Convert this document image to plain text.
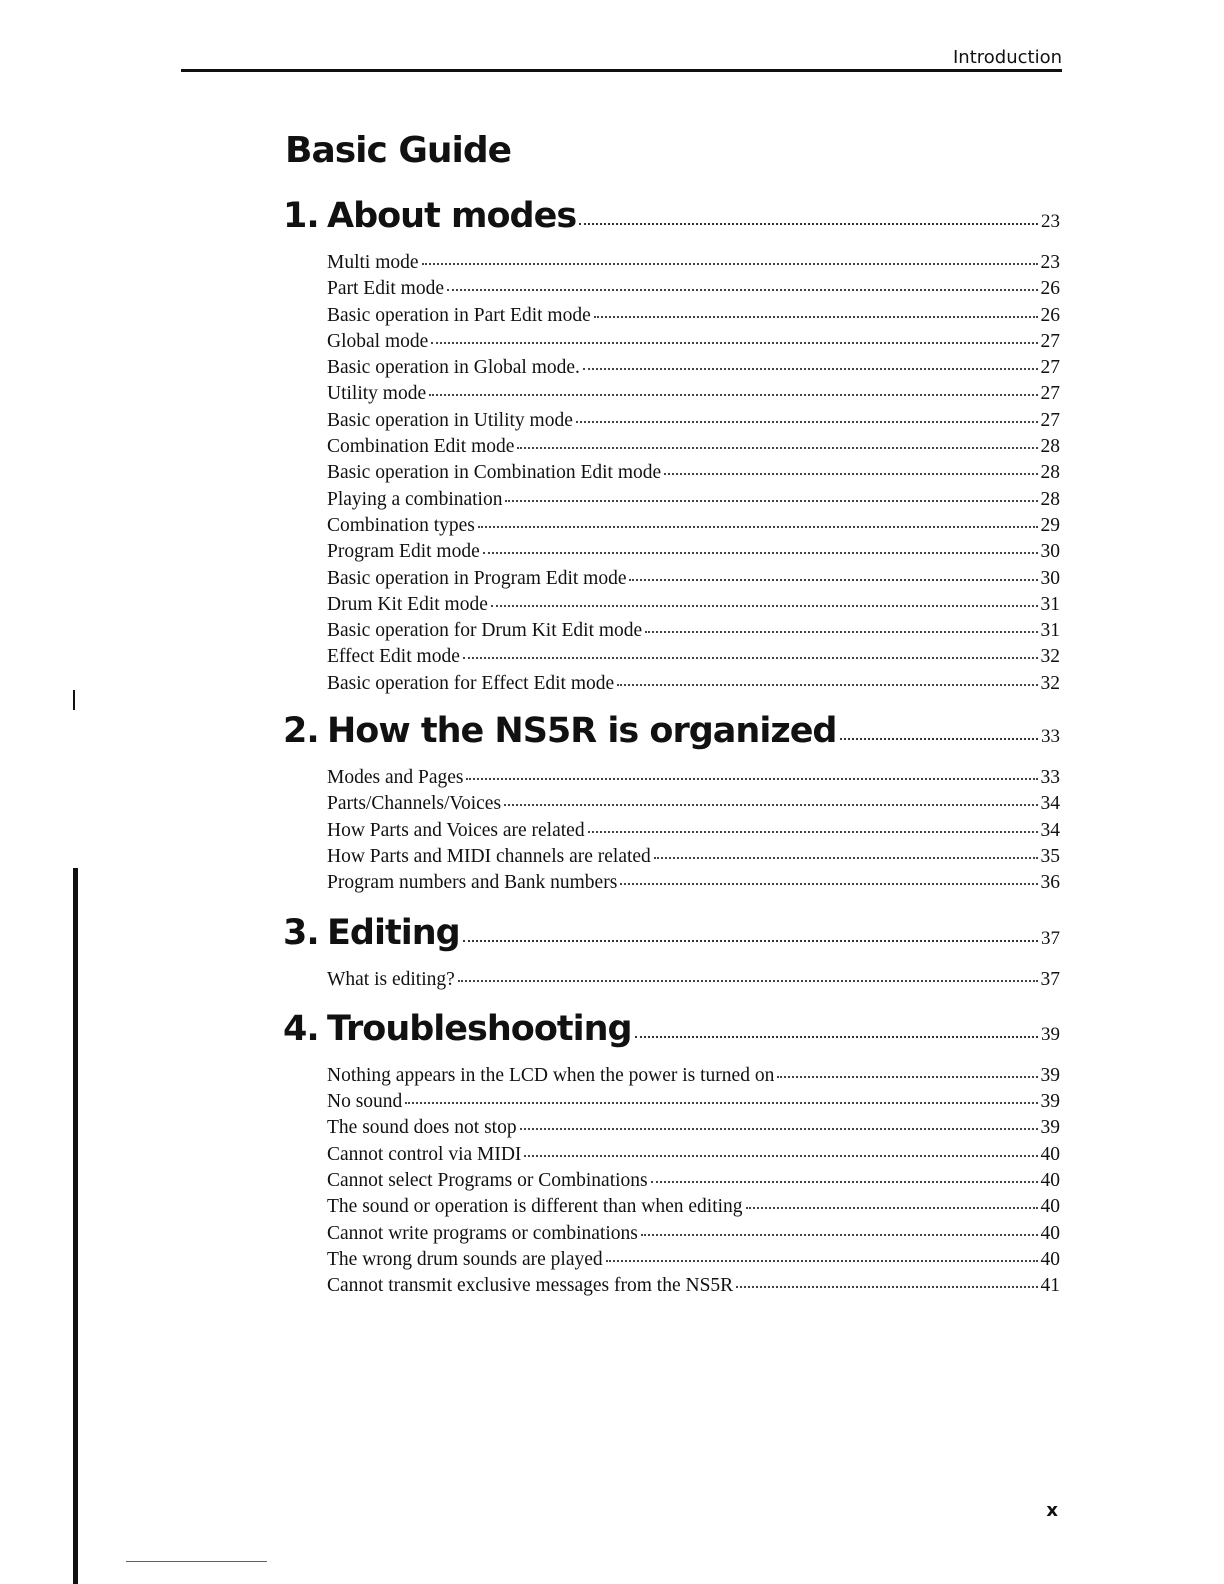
Introduction
Basic Guide
1. About modes	23
Multi mode	23
Part Edit mode	26
Basic operation in Part Edit mode	26
Global mode	27
Basic operation in Global mode.	27
Utility mode	27
Basic operation in Utility mode	27
Combination Edit mode	28
Basic operation in Combination Edit mode	28
Playing a combination	28
Combination types	29
Program Edit mode	30
Basic operation in Program Edit mode	30
Drum Kit Edit mode	31
Basic operation for Drum Kit Edit mode	31
Effect Edit mode	32
Basic operation for Effect Edit mode	32
2. How the NS5R is organized	33
Modes and Pages	33
Parts/Channels/Voices	34
How Parts and Voices are related	34
How Parts and MIDI channels are related	35
Program numbers and Bank numbers	36
3. Editing	37
What is editing?	37
4. Troubleshooting	39
Nothing appears in the LCD when the power is turned on	39
No sound	39
The sound does not stop	39
Cannot control via MIDI	40
Cannot select Programs or Combinations	40
The sound or operation is different than when editing	40
Cannot write programs or combinations	40
The wrong drum sounds are played	40
Cannot transmit exclusive messages from the NS5R	41
x
